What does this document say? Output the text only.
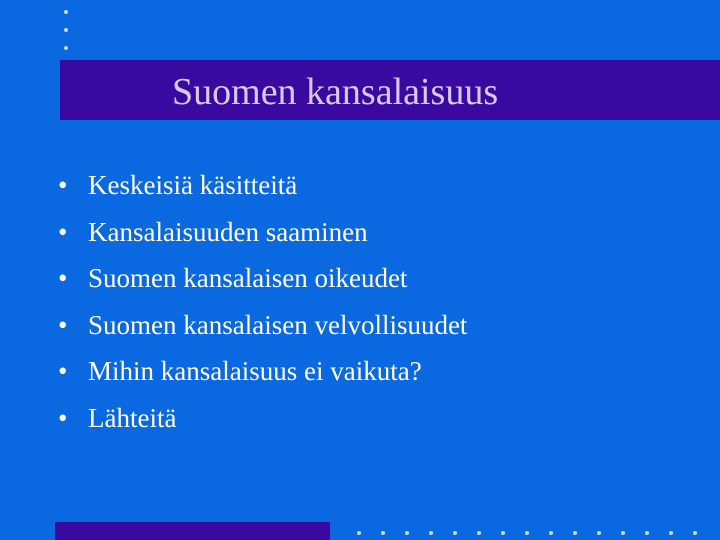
Suomen kansalaisuus
• Keskeisiä käsitteitä
• Kansalaisuuden saaminen
• Suomen kansalaisen oikeudet
• Suomen kansalaisen velvollisuudet
• Mihin kansalaisuus ei vaikuta?
• Lähteitä
